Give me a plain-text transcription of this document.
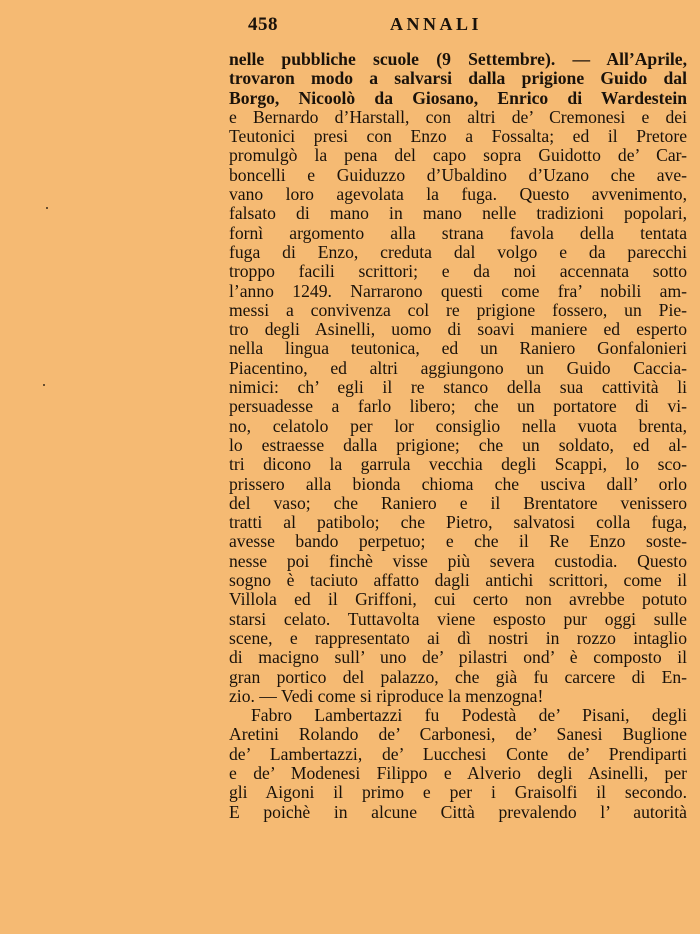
458	ANNALI
nelle pubbliche scuole (9 Settembre). — All’Aprile,
trovaron modo a salvarsi dalla prigione Guido dal
Borgo, Nicoolò da Giosano, Enrico di Wardestein
e Bernardo d’Harstall, con altri de’ Cremonesi e dei
Teutonici presi con Enzo a Fossalta; ed il Pretore
promulgò la pena del capo sopra Guidotto de’ Car-
boncelli e Guiduzzo d’Ubaldino d’Uzano che ave-
vano loro agevolata la fuga. Questo avvenimento,
falsato di mano in mano nelle tradizioni popolari,
fornì argomento alla strana favola della tentata
fuga di Enzo, creduta dal volgo e da parecchi
troppo facili scrittori; e da noi accennata sotto
l’anno 1249. Narrarono questi come fra’ nobili am-
messi a convivenza col re prigione fossero, un Pie-
tro degli Asinelli, uomo di soavi maniere ed esperto
nella lingua teutonica, ed un Raniero Gonfalonieri
Piacentino, ed altri aggiungono un Guido Caccia-
nimici: ch’ egli il re stanco della sua cattività li
persuadesse a farlo libero; che un portatore di vi-
no, celatolo per lor consiglio nella vuota brenta,
lo estraesse dalla prigione; che un soldato, ed al-
tri dicono la garrula vecchia degli Scappi, lo sco-
prissero alla bionda chioma che usciva dall’ orlo
del vaso; che Raniero e il Brentatore venissero
tratti al patibolo; che Pietro, salvatosi colla fuga,
avesse bando perpetuo; e che il Re Enzo soste-
nesse poi finchè visse più severa custodia. Questo
sogno è taciuto affatto dagli antichi scrittori, come il
Villola ed il Griffoni, cui certo non avrebbe potuto
starsi celato. Tuttavolta viene esposto pur oggi sulle
scene, e rappresentato ai dì nostri in rozzo intaglio
di macigno sull’ uno de’ pilastri ond’ è composto il
gran portico del palazzo, che già fu carcere di En-
zio. — Vedi come si riproduce la menzogna!
Fabro Lambertazzi fu Podestà de’ Pisani, degli
Aretini Rolando de’ Carbonesi, de’ Sanesi Buglione
de’ Lambertazzi, de’ Lucchesi Conte de’ Prendiparti
e de’ Modenesi Filippo e Alverio degli Asinelli, per
gli Aigoni il primo e per i Graisolfi il secondo.
E poichè in alcune Città prevalendo l’ autorità
